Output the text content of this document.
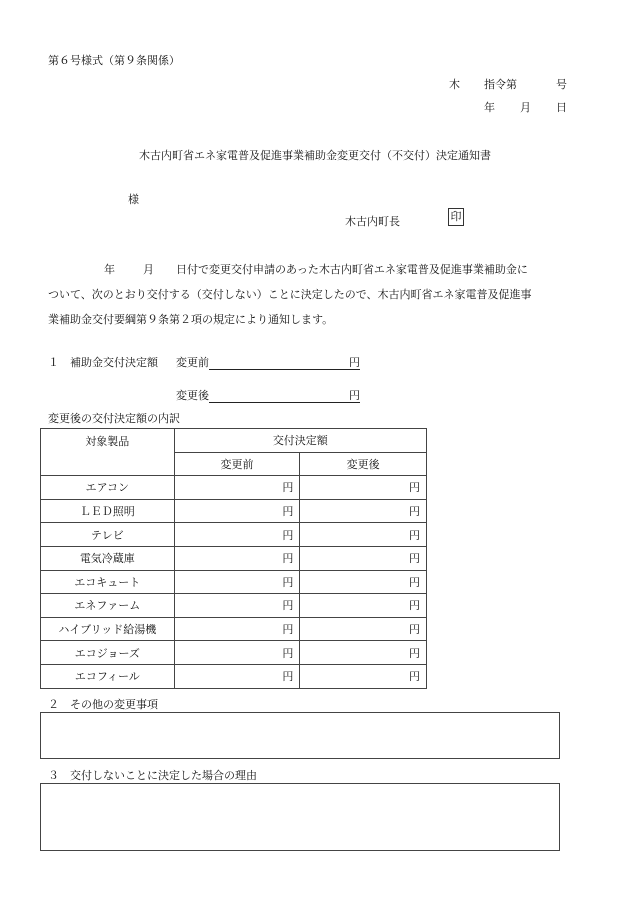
第６号様式（第９条関係）
木 指令第	号
年 月 日
木古内町省エネ家電普及促進事業補助金変更交付（不交付）決定通知書
様
木古内町長	印

年	月 日付で変更交付申請のあった木古内町省エネ家電普及促進事業補助金に

ついて、次のとおり交付する（交付しない）ことに決定したので、木古内町省エネ家電普及促進事

業補助金交付要綱第９条第２項の規定により通知します。

１　補助金交付決定額 変更前	円
変更後	円
変更後の交付決定額の内訳
対象製品	交付決定額	
	変更前	変更後
エアコン	円	円
ＬＥＤ照明	円	円
テレビ	円	円
電気冷蔵庫	円	円
エコキュート	円	円
エネファーム	円	円
ハイブリッド給湯機	円	円
エコジョーズ	円	円
エコフィール	円	円
２　その他の変更事項
３　交付しないことに決定した場合の理由
